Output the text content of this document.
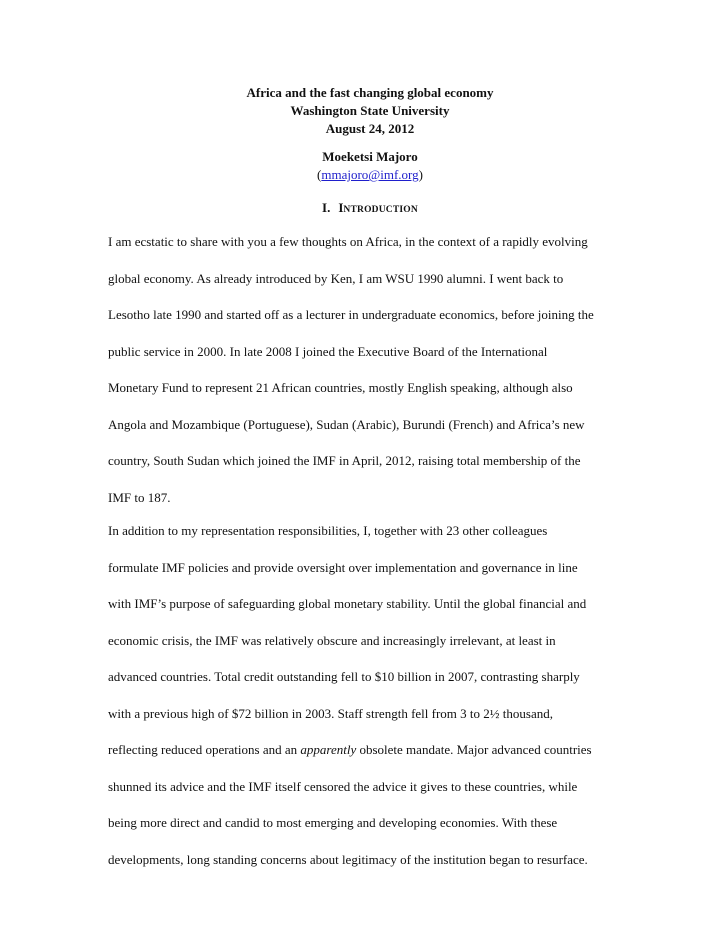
Africa and the fast changing global economy
Washington State University
August 24, 2012
Moeketsi Majoro
(mmajoro@imf.org)
I. INTRODUCTION
I am ecstatic to share with you a few thoughts on Africa, in the context of a rapidly evolving
global economy. As already introduced by Ken, I am WSU 1990 alumni. I went back to
Lesotho late 1990 and started off as a lecturer in undergraduate economics, before joining the
public service in 2000. In late 2008 I joined the Executive Board of the International
Monetary Fund to represent 21 African countries, mostly English speaking, although also
Angola and Mozambique (Portuguese), Sudan (Arabic), Burundi (French) and Africa’s new
country, South Sudan which joined the IMF in April, 2012, raising total membership of the
IMF to 187.
In addition to my representation responsibilities, I, together with 23 other colleagues
formulate IMF policies and provide oversight over implementation and governance in line
with IMF’s purpose of safeguarding global monetary stability. Until the global financial and
economic crisis, the IMF was relatively obscure and increasingly irrelevant, at least in
advanced countries. Total credit outstanding fell to $10 billion in 2007, contrasting sharply
with a previous high of $72 billion in 2003. Staff strength fell from 3 to 2½ thousand,
reflecting reduced operations and an apparently obsolete mandate. Major advanced countries
shunned its advice and the IMF itself censored the advice it gives to these countries, while
being more direct and candid to most emerging and developing economies. With these
developments, long standing concerns about legitimacy of the institution began to resurface.
